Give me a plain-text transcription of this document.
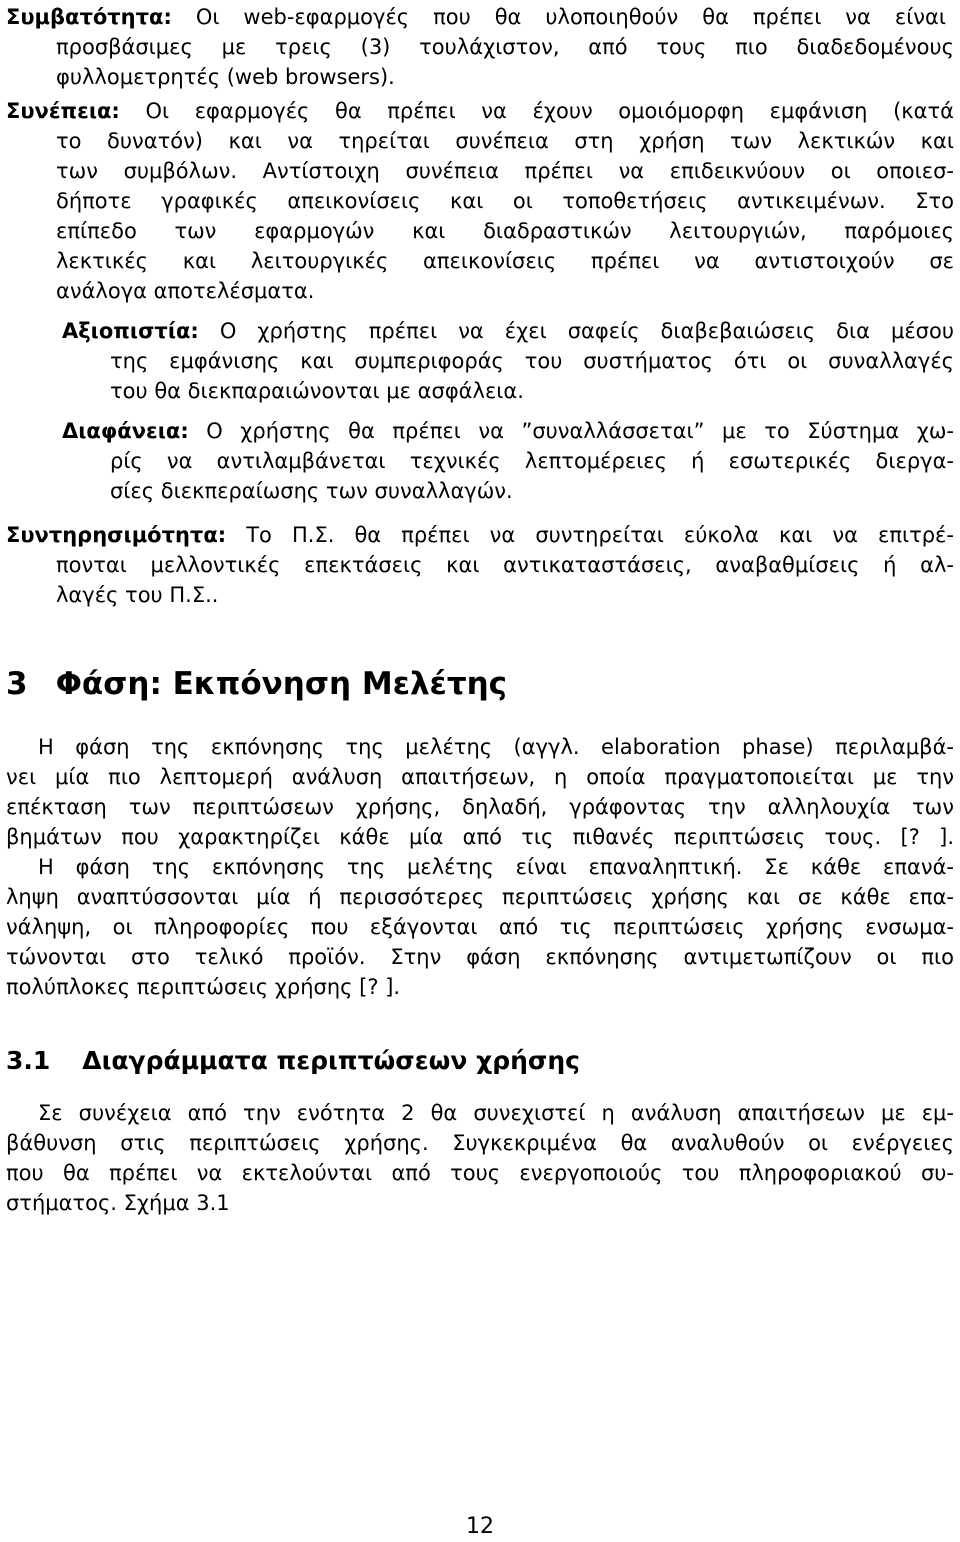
Συμβατότητα: Οι web-εφαρμογές που θα υλοποιηθούν θα πρέπει να είναι

προσβάσιμες με τρεις (3) τουλάχιστον, από τους πιο διαδεδομένους

φυλλομετρητές (web browsers).

Συνέπεια: Οι εφαρμογές θα πρέπει να έχουν ομοιόμορφη εμφάνιση (κατά

το δυνατόν) και να τηρείται συνέπεια στη χρήση των λεκτικών και

των συμβόλων. Αντίστοιχη συνέπεια πρέπει να επιδεικνύουν οι οποιεσ-

δήποτε γραφικές απεικονίσεις και οι τοποθετήσεις αντικειμένων. Στο

επίπεδο των εφαρμογών και διαδραστικών λειτουργιών, παρόμοιες

λεκτικές και λειτουργικές απεικονίσεις πρέπει να αντιστοιχούν σε

ανάλογα αποτελέσματα.

Αξιοπιστία: Ο χρήστης πρέπει να έχει σαφείς διαβεβαιώσεις δια μέσου

της εμφάνισης και συμπεριφοράς του συστήματος ότι οι συναλλαγές

του θα διεκπαραιώνονται με ασφάλεια.

Διαφάνεια: Ο χρήστης θα πρέπει να ”συναλλάσσεται” με το Σύστημα χω-

ρίς να αντιλαμβάνεται τεχνικές λεπτομέρειες ή εσωτερικές διεργα-

σίες διεκπεραίωσης των συναλλαγών.

Συντηρησιμότητα: Το Π.Σ. θα πρέπει να συντηρείται εύκολα και να επιτρέ-

πονται μελλοντικές επεκτάσεις και αντικαταστάσεις, αναβαθμίσεις ή αλ-

λαγές του Π.Σ..

3 Φάση: Εκπόνηση Μελέτης

Η φάση της εκπόνησης της μελέτης (αγγλ. elaboration phase) περιλαμβά-

νει μία πιο λεπτομερή ανάλυση απαιτήσεων, η οποία πραγματοποιείται με την

επέκταση των περιπτώσεων χρήσης, δηλαδή, γράφοντας την αλληλουχία των

βημάτων που χαρακτηρίζει κάθε μία από τις πιθανές περιπτώσεις τους. [? ].

Η φάση της εκπόνησης της μελέτης είναι επαναληπτική. Σε κάθε επανά-

ληψη αναπτύσσονται μία ή περισσότερες περιπτώσεις χρήσης και σε κάθε επα-

νάληψη, οι πληροφορίες που εξάγονται από τις περιπτώσεις χρήσης ενσωμα-

τώνονται στο τελικό προϊόν. Στην φάση εκπόνησης αντιμετωπίζουν οι πιο

πολύπλοκες περιπτώσεις χρήσης [? ].

3.1 Διαγράμματα περιπτώσεων χρήσης

Σε συνέχεια από την ενότητα 2 θα συνεχιστεί η ανάλυση απαιτήσεων με εμ-

βάθυνση στις περιπτώσεις χρήσης. Συγκεκριμένα θα αναλυθούν οι ενέργειες

που θα πρέπει να εκτελούνται από τους ενεργοποιούς του πληροφοριακού συ-

στήματος. Σχήμα 3.1

12
